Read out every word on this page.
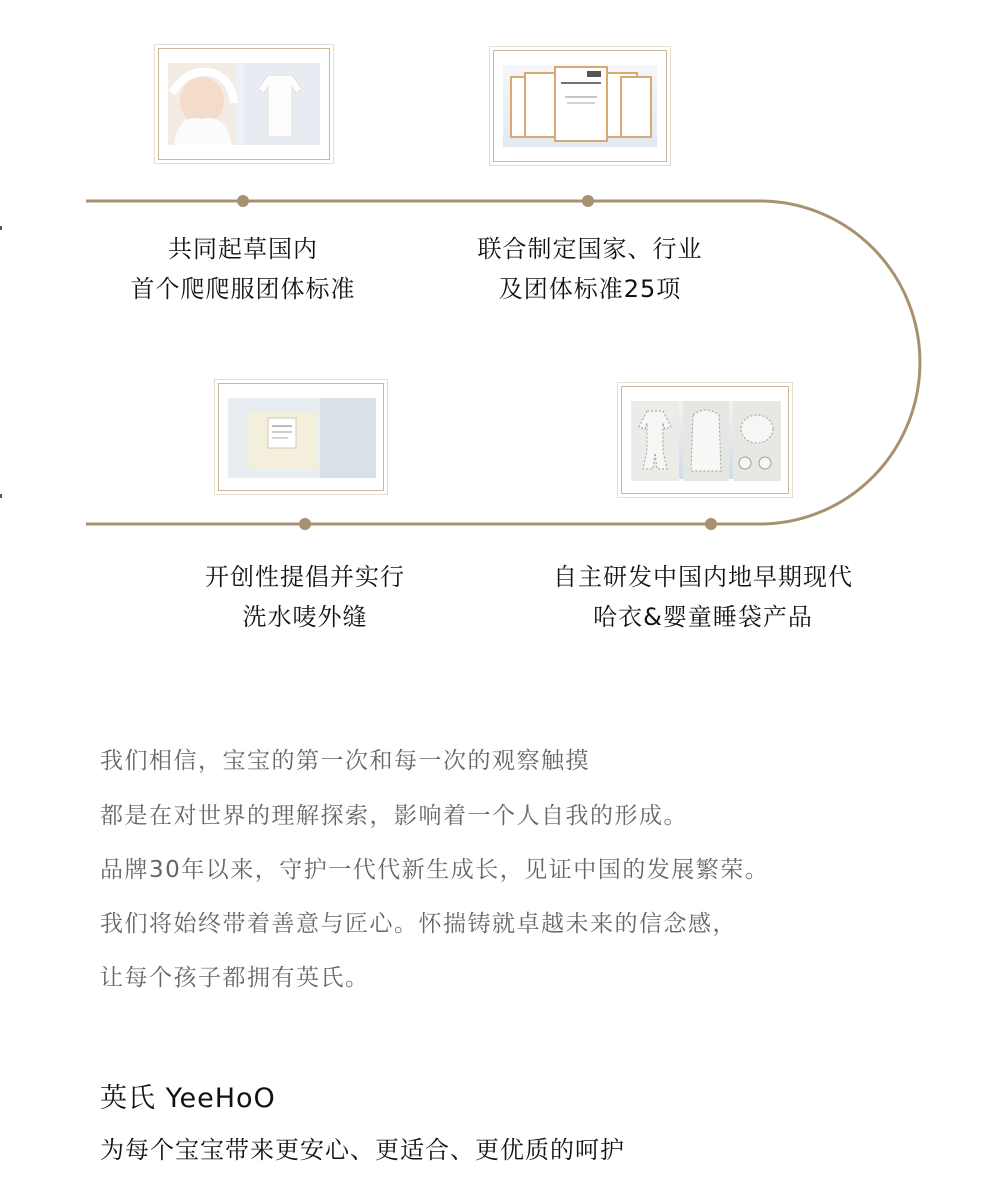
共同起草国内
首个爬爬服团体标准
联合制定国家、行业
及团体标准25项
开创性提倡并实行
洗水唛外缝
自主研发中国内地早期现代
哈衣&婴童睡袋产品
我们相信，宝宝的第一次和每一次的观察触摸
都是在对世界的理解探索，影响着一个人自我的形成。
品牌30年以来，守护一代代新生成长，见证中国的发展繁荣。
我们将始终带着善意与匠心。怀揣铸就卓越未来的信念感，
让每个孩子都拥有英氏。
英氏 YeeHoO
为每个宝宝带来更安心、更适合、更优质的呵护
